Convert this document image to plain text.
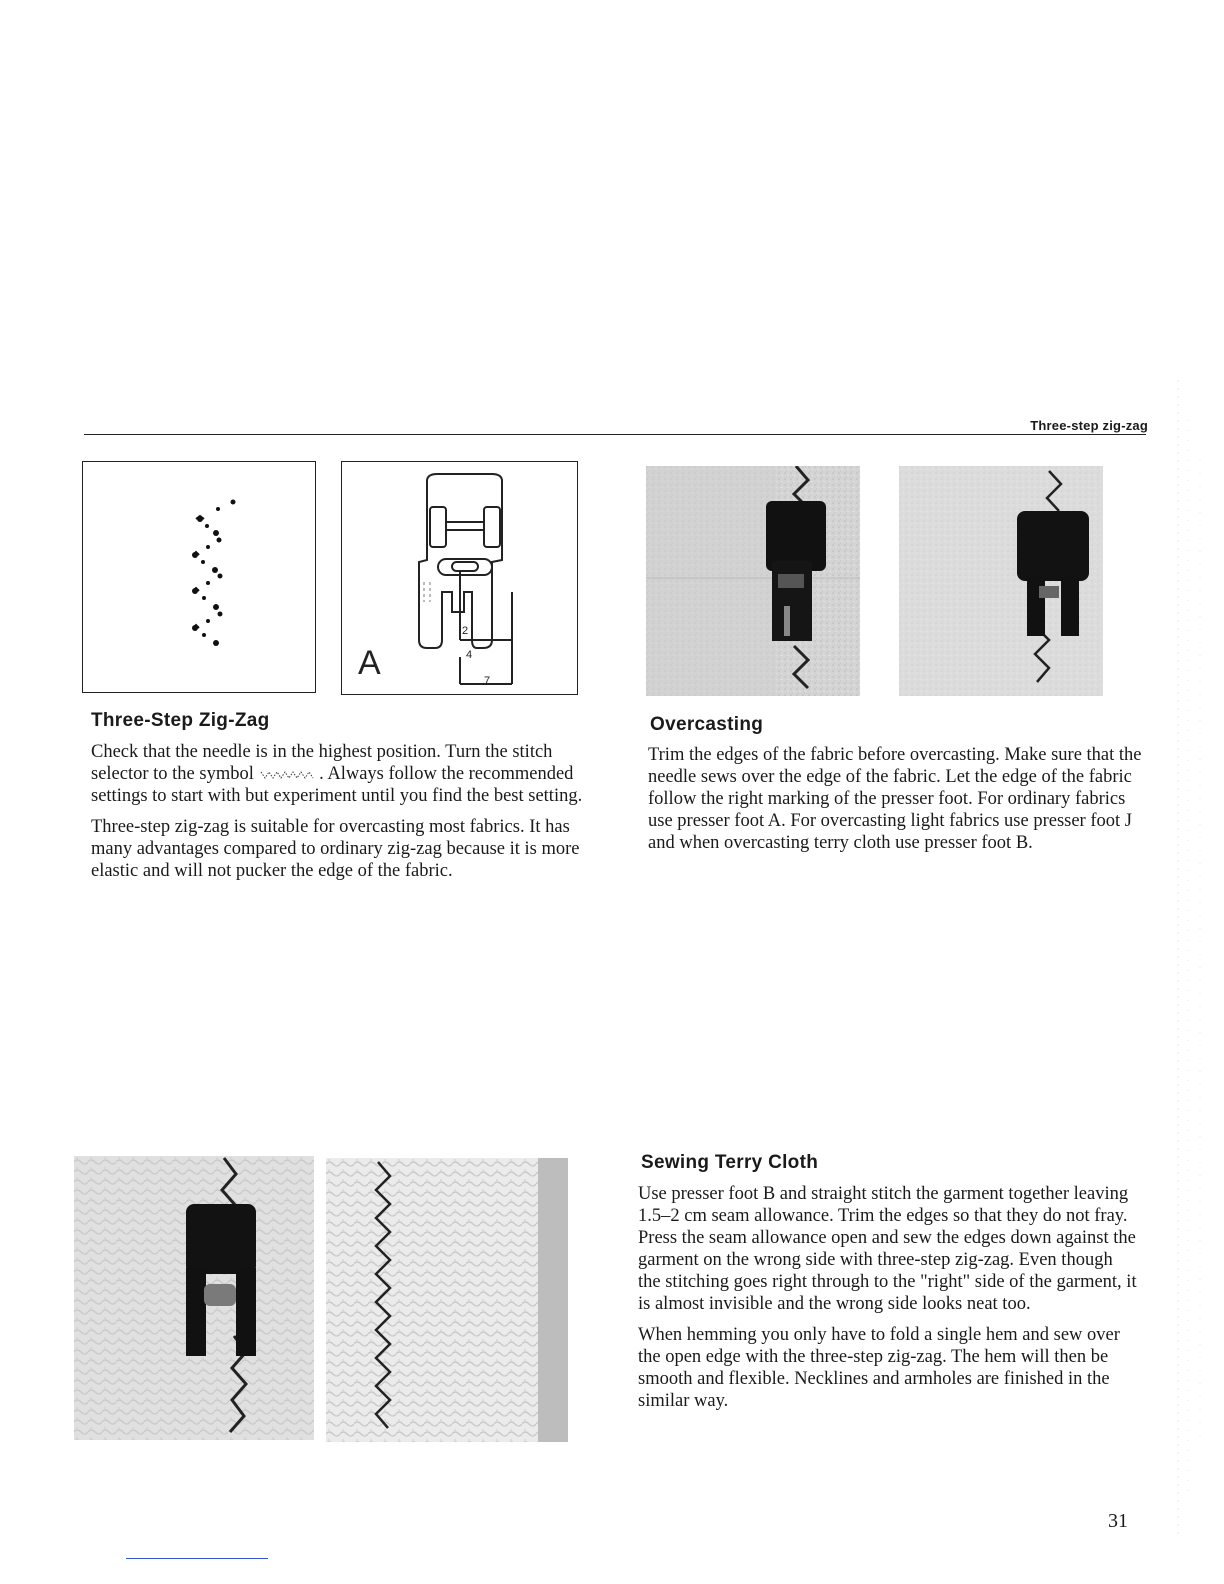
Three-step zig-zag
A
2
4
7
Three-Step Zig-Zag

Check that the needle is in the highest position. Turn the stitch selector to the symbol	. Always follow the recommended settings to start with but experiment until you find the best setting.

Three-step zig-zag is suitable for overcasting most fabrics. It has many advantages compared to ordinary zig-zag because it is more elastic and will not pucker the edge of the fabric.

Overcasting

Trim the edges of the fabric before overcasting. Make sure that the needle sews over the edge of the fabric. Let the edge of the fabric follow the right marking of the presser foot. For ordinary fabrics use presser foot A. For overcasting light fabrics use presser foot J and when overcasting terry cloth use presser foot B.

Sewing Terry Cloth

Use presser foot B and straight stitch the garment together leaving 1.5–2 cm seam allowance. Trim the edges so that they do not fray. Press the seam allowance open and sew the edges down against the garment on the wrong side with three-step zig-zag. Even though the stitching goes right through to the "right" side of the garment, it is almost invisible and the wrong side looks neat too.

When hemming you only have to fold a single hem and sew over the open edge with the three-step zig-zag. The hem will then be smooth and flexible. Necklines and armholes are finished in the similar way.

31
